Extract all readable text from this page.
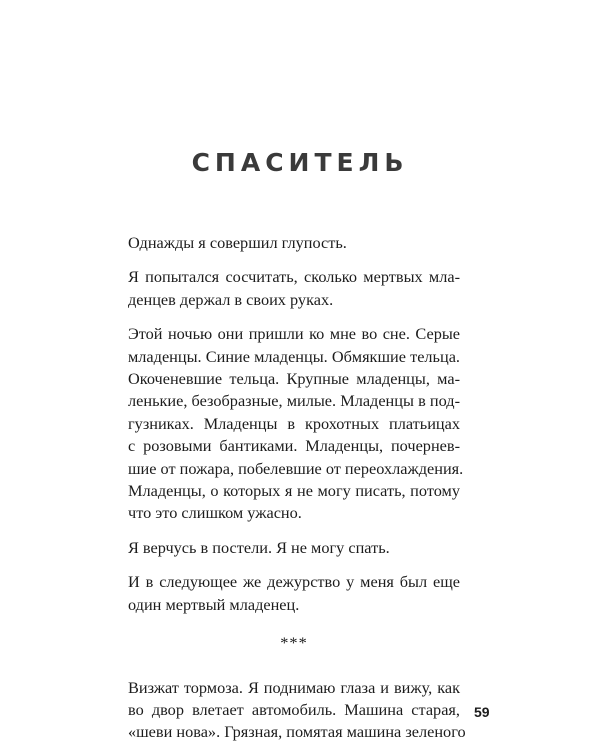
СПАСИТЕЛЬ
Однажды я совершил глупость.
Я попытался сосчитать, сколько мертвых мла-
денцев держал в своих руках.
Этой ночью они пришли ко мне во сне. Серые
младенцы. Синие младенцы. Обмякшие тельца.
Окоченевшие тельца. Крупные младенцы, ма-
ленькие, безобразные, милые. Младенцы в под-
гузниках. Младенцы в крохотных платьицах
с розовыми бантиками. Младенцы, почернев-
шие от пожара, побелевшие от переохлаждения.
Младенцы, о которых я не могу писать, потому
что это слишком ужасно.
Я верчусь в постели. Я не могу спать.
И в следующее же дежурство у меня был еще
один мертвый младенец.
***
Визжат тормоза. Я поднимаю глаза и вижу, как
во двор влетает автомобиль. Машина старая,
«шеви нова». Грязная, помятая машина зеленого
59
